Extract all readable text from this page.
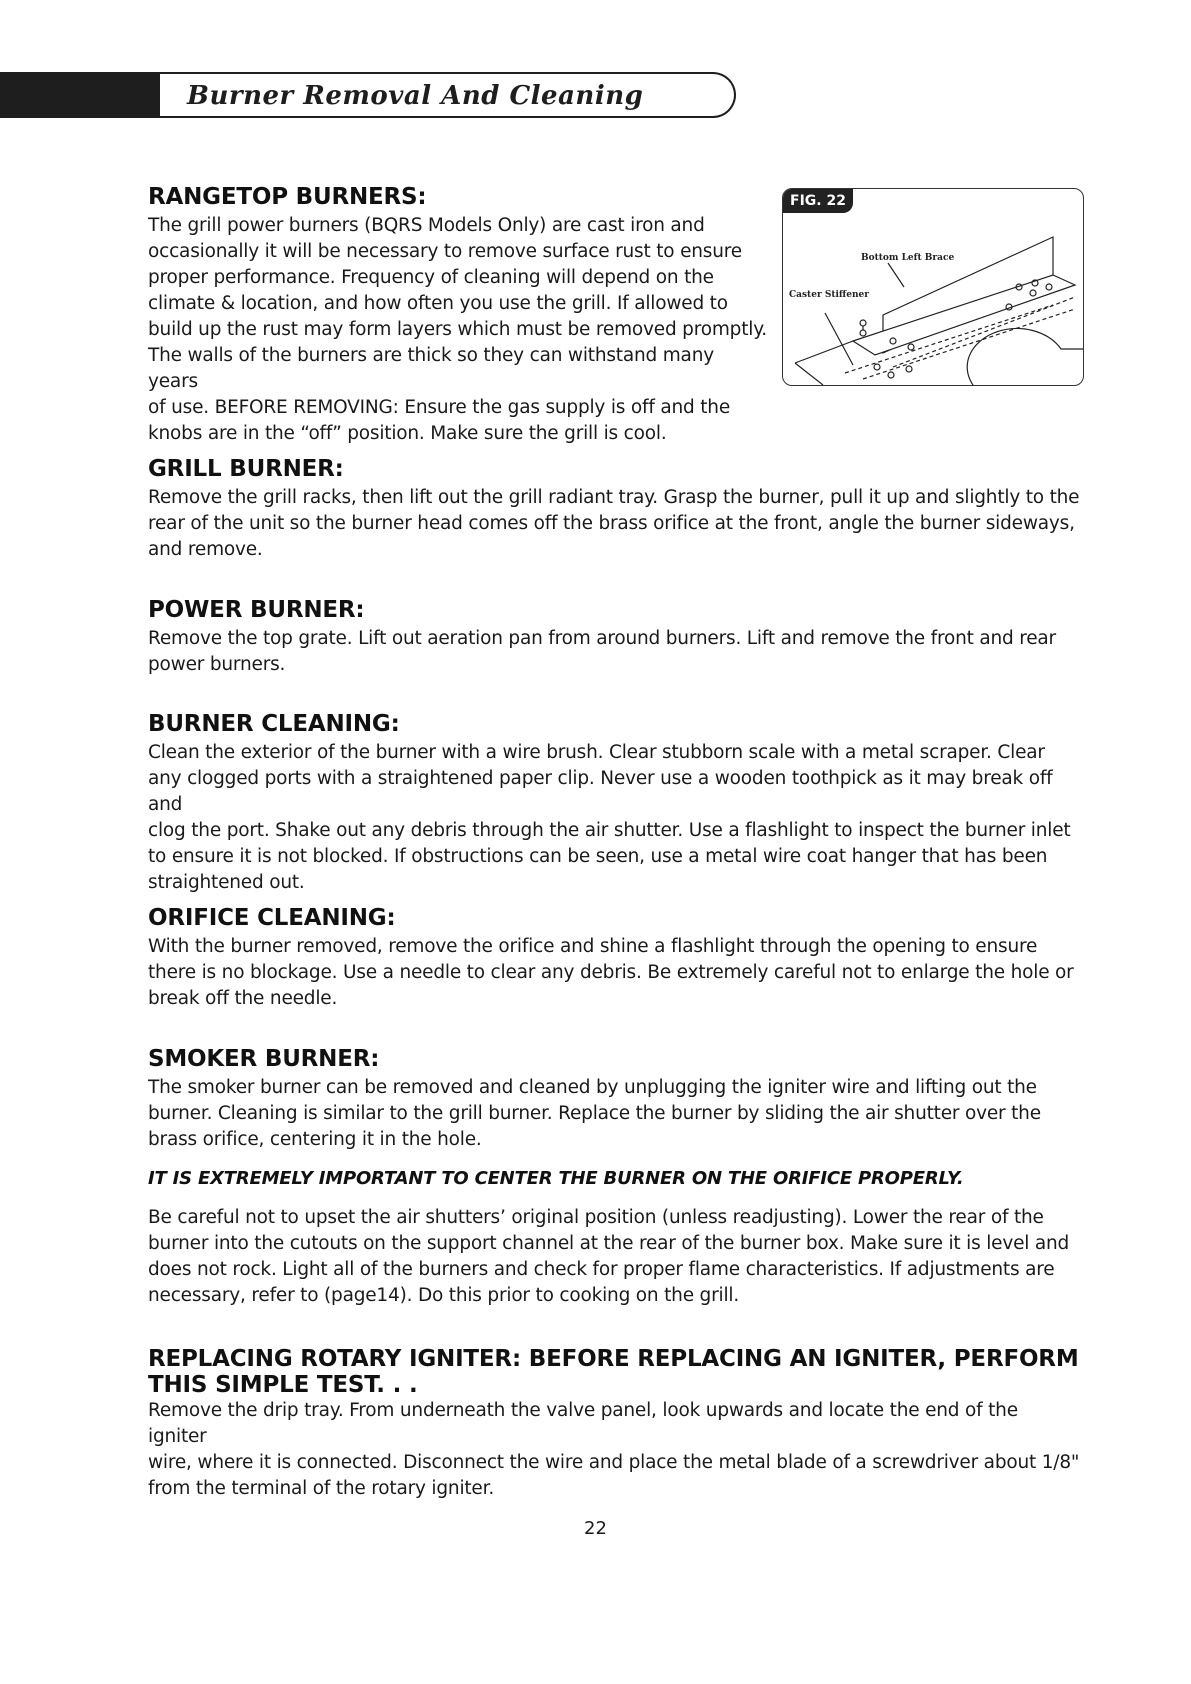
Burner Removal And Cleaning
FIG. 22
Bottom Left Brace
Caster Stiffener
RANGETOP BURNERS:

The grill power burners (BQRS Models Only) are cast iron and
occasionally it will be necessary to remove surface rust to ensure
proper performance. Frequency of cleaning will depend on the
climate & location, and how often you use the grill. If allowed to
build up the rust may form layers which must be removed promptly.
The walls of the burners are thick so they can withstand many years
of use. BEFORE REMOVING: Ensure the gas supply is off and the
knobs are in the “off” position. Make sure the grill is cool.

GRILL BURNER:

Remove the grill racks, then lift out the grill radiant tray. Grasp the burner, pull it up and slightly to the
rear of the unit so the burner head comes off the brass orifice at the front, angle the burner sideways,
and remove.

POWER BURNER:

Remove the top grate. Lift out aeration pan from around burners. Lift and remove the front and rear
power burners.

BURNER CLEANING:

Clean the exterior of the burner with a wire brush. Clear stubborn scale with a metal scraper. Clear
any clogged ports with a straightened paper clip. Never use a wooden toothpick as it may break off and
clog the port. Shake out any debris through the air shutter. Use a flashlight to inspect the burner inlet
to ensure it is not blocked. If obstructions can be seen, use a metal wire coat hanger that has been
straightened out.

ORIFICE CLEANING:

With the burner removed, remove the orifice and shine a flashlight through the opening to ensure
there is no blockage. Use a needle to clear any debris. Be extremely careful not to enlarge the hole or
break off the needle.

SMOKER BURNER:

The smoker burner can be removed and cleaned by unplugging the igniter wire and lifting out the
burner. Cleaning is similar to the grill burner. Replace the burner by sliding the air shutter over the
brass orifice, centering it in the hole.

IT IS EXTREMELY IMPORTANT TO CENTER THE BURNER ON THE ORIFICE PROPERLY.

Be careful not to upset the air shutters’ original position (unless readjusting). Lower the rear of the
burner into the cutouts on the support channel at the rear of the burner box. Make sure it is level and
does not rock. Light all of the burners and check for proper flame characteristics. If adjustments are
necessary, refer to (page14). Do this prior to cooking on the grill.

REPLACING ROTARY IGNITER: BEFORE REPLACING AN IGNITER, PERFORM
THIS SIMPLE TEST. . .

Remove the drip tray. From underneath the valve panel, look upwards and locate the end of the igniter
wire, where it is connected. Disconnect the wire and place the metal blade of a screwdriver about 1/8"
from the terminal of the rotary igniter.

22
